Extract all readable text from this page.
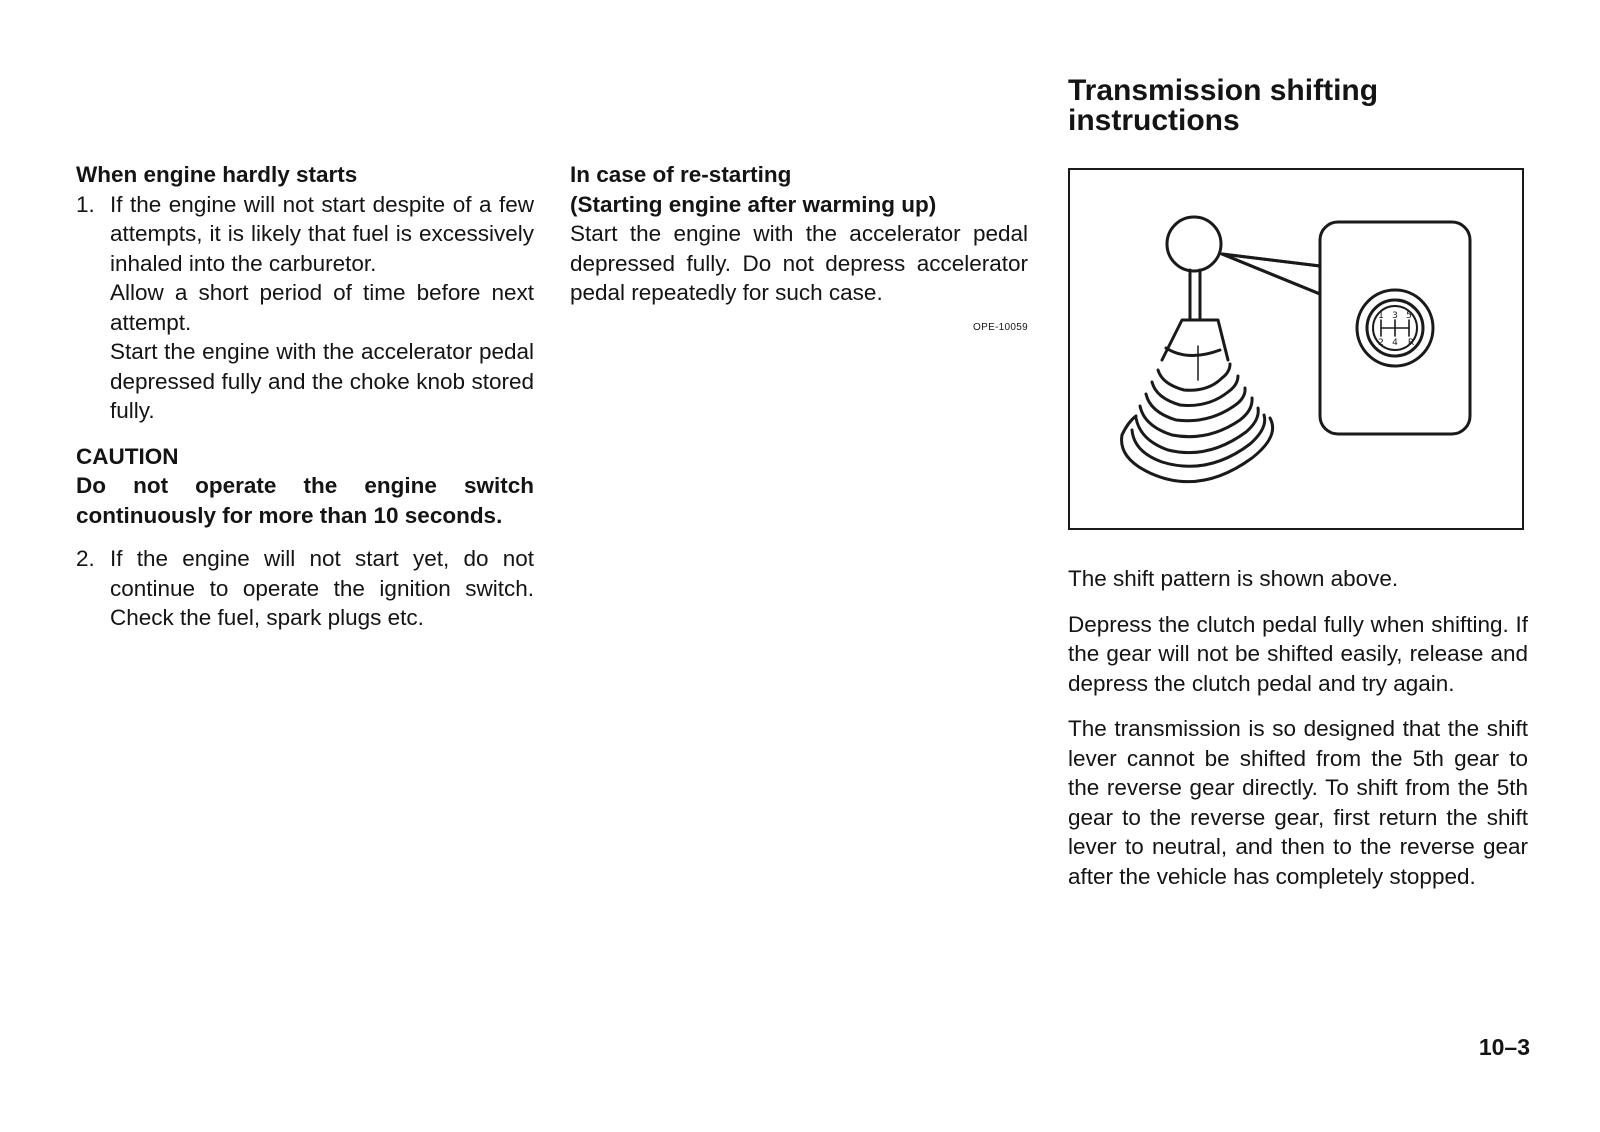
When engine hardly starts

1. If the engine will not start despite of a few attempts, it is likely that fuel is excessively inhaled into the carburetor.

Allow a short period of time before next attempt.

Start the engine with the accelerator pedal depressed fully and the choke knob stored fully.

CAUTION

Do not operate the engine switch continuously for more than 10 seconds.

2. If the engine will not start yet, do not continue to operate the ignition switch. Check the fuel, spark plugs etc.

In case of re-starting

(Starting engine after warming up)

Start the engine with the accelerator pedal depressed fully. Do not depress accelerator pedal repeatedly for such case.

OPE-10059
Transmission shifting instructions
1 3 5
2 4 R

The shift pattern is shown above.

Depress the clutch pedal fully when shifting. If the gear will not be shifted easily, release and depress the clutch pedal and try again.

The transmission is so designed that the shift lever cannot be shifted from the 5th gear to the reverse gear directly. To shift from the 5th gear to the reverse gear, first return the shift lever to neutral, and then to the reverse gear after the vehicle has completely stopped.

10–3
